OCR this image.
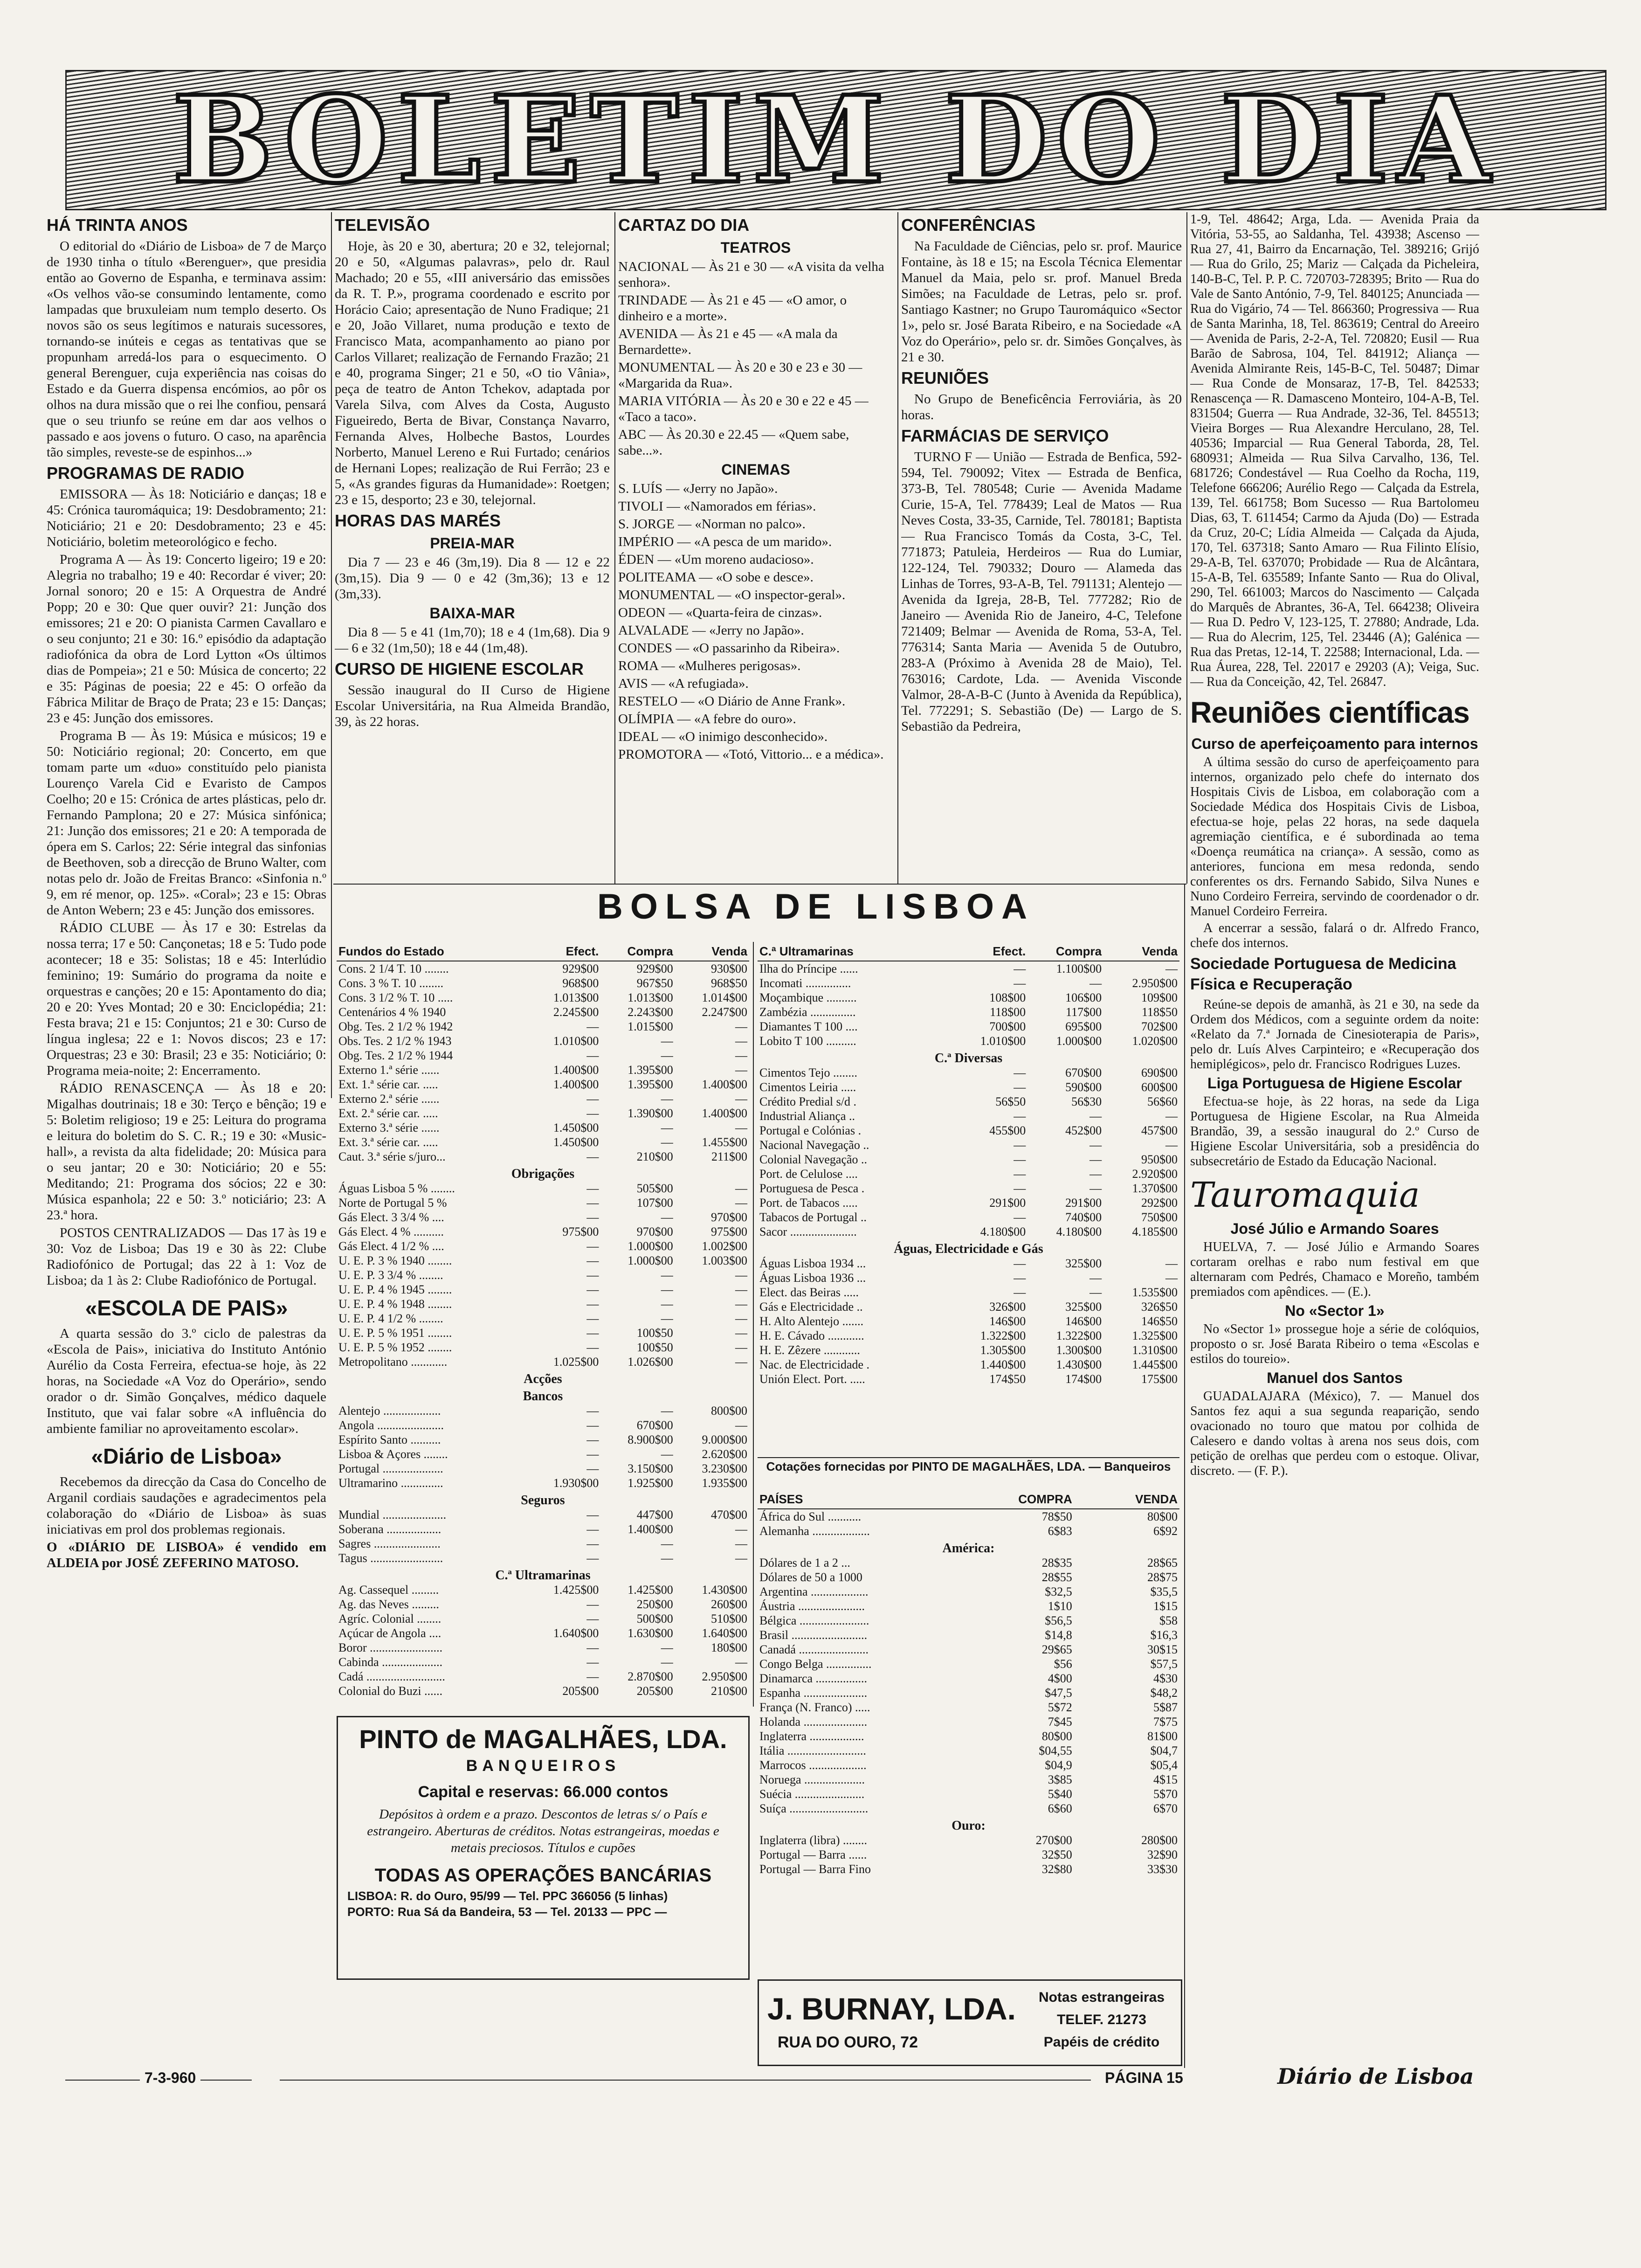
BOLETIM DO DIA
HÁ TRINTA ANOS

O editorial do «Diário de Lisboa» de 7 de Março de 1930 tinha o título «Berenguer», que presidia então ao Governo de Espanha, e terminava assim: «Os velhos vão-se consumindo lentamente, como lampadas que bruxuleiam num templo deserto. Os novos são os seus legítimos e naturais sucessores, tornando-se inúteis e cegas as tentativas que se propunham arredá-los para o esquecimento. O general Berenguer, cuja experiência nas coisas do Estado e da Guerra dispensa encómios, ao pôr os olhos na dura missão que o rei lhe confiou, pensará que o seu triunfo se reúne em dar aos velhos o passado e aos jovens o futuro. O caso, na aparência tão simples, reveste-se de espinhos...»

PROGRAMAS DE RADIO

EMISSORA — Às 18: Noticiário e danças; 18 e 45: Crónica tauromáquica; 19: Desdobramento; 21: Noticiário; 21 e 20: Desdobramento; 23 e 45: Noticiário, boletim meteorológico e fecho.

Programa A — Às 19: Concerto ligeiro; 19 e 20: Alegria no trabalho; 19 e 40: Recordar é viver; 20: Jornal sonoro; 20 e 15: A Orquestra de André Popp; 20 e 30: Que quer ouvir? 21: Junção dos emissores; 21 e 20: O pianista Carmen Cavallaro e o seu conjunto; 21 e 30: 16.º episódio da adaptação radiofónica da obra de Lord Lytton «Os últimos dias de Pompeia»; 21 e 50: Música de concerto; 22 e 35: Páginas de poesia; 22 e 45: O orfeão da Fábrica Militar de Braço de Prata; 23 e 15: Danças; 23 e 45: Junção dos emissores.

Programa B — Às 19: Música e músicos; 19 e 50: Noticiário regional; 20: Concerto, em que tomam parte um «duo» constituído pelo pianista Lourenço Varela Cid e Evaristo de Campos Coelho; 20 e 15: Crónica de artes plásticas, pelo dr. Fernando Pamplona; 20 e 27: Música sinfónica; 21: Junção dos emissores; 21 e 20: A temporada de ópera em S. Carlos; 22: Série integral das sinfonias de Beethoven, sob a direcção de Bruno Walter, com notas pelo dr. João de Freitas Branco: «Sinfonia n.º 9, em ré menor, op. 125». «Coral»; 23 e 15: Obras de Anton Webern; 23 e 45: Junção dos emissores.

RÁDIO CLUBE — Às 17 e 30: Estrelas da nossa terra; 17 e 50: Cançonetas; 18 e 5: Tudo pode acontecer; 18 e 35: Solistas; 18 e 45: Interlúdio feminino; 19: Sumário do programa da noite e orquestras e canções; 20 e 15: Apontamento do dia; 20 e 20: Yves Montad; 20 e 30: Enciclopédia; 21: Festa brava; 21 e 15: Conjuntos; 21 e 30: Curso de língua inglesa; 22 e 1: Novos discos; 23 e 17: Orquestras; 23 e 30: Brasil; 23 e 35: Noticiário; 0: Programa meia-noite; 2: Encerramento.

RÁDIO RENASCENÇA — Às 18 e 20: Migalhas doutrinais; 18 e 30: Terço e bênção; 19 e 5: Boletim religioso; 19 e 25: Leitura do programa e leitura do boletim do S. C. R.; 19 e 30: «Music-hall», a revista da alta fidelidade; 20: Música para o seu jantar; 20 e 30: Noticiário; 20 e 55: Meditando; 21: Programa dos sócios; 22 e 30: Música espanhola; 22 e 50: 3.º noticiário; 23: A 23.ª hora.

POSTOS CENTRALIZADOS — Das 17 às 19 e 30: Voz de Lisboa; Das 19 e 30 às 22: Clube Radiofónico de Portugal; das 22 à 1: Voz de Lisboa; da 1 às 2: Clube Radiofónico de Portugal.

«ESCOLA DE PAIS»

A quarta sessão do 3.º ciclo de palestras da «Escola de Pais», iniciativa do Instituto António Aurélio da Costa Ferreira, efectua-se hoje, às 22 horas, na Sociedade «A Voz do Operário», sendo orador o dr. Simão Gonçalves, médico daquele Instituto, que vai falar sobre «A influência do ambiente familiar no aproveitamento escolar».

«Diário de Lisboa»

Recebemos da direcção da Casa do Concelho de Arganil cordiais saudações e agradecimentos pela colaboração do «Diário de Lisboa» às suas iniciativas em prol dos problemas regionais.

O «DIÁRIO DE LISBOA» é vendido em ALDEIA por JOSÉ ZEFERINO MATOSO.

TELEVISÃO

Hoje, às 20 e 30, abertura; 20 e 32, telejornal; 20 e 50, «Algumas palavras», pelo dr. Raul Machado; 20 e 55, «III aniversário das emissões da R. T. P.», programa coordenado e escrito por Horácio Caio; apresentação de Nuno Fradique; 21 e 20, João Villaret, numa produção e texto de Francisco Mata, acompanhamento ao piano por Carlos Villaret; realização de Fernando Frazão; 21 e 40, programa Singer; 21 e 50, «O tio Vânia», peça de teatro de Anton Tchekov, adaptada por Varela Silva, com Alves da Costa, Augusto Figueiredo, Berta de Bivar, Constança Navarro, Fernanda Alves, Holbeche Bastos, Lourdes Norberto, Manuel Lereno e Rui Furtado; cenários de Hernani Lopes; realização de Rui Ferrão; 23 e 5, «As grandes figuras da Humanidade»: Roetgen; 23 e 15, desporto; 23 e 30, telejornal.

HORAS DAS MARÉS
PREIA-MAR

Dia 7 — 23 e 46 (3m,19). Dia 8 — 12 e 22 (3m,15). Dia 9 — 0 e 42 (3m,36); 13 e 12 (3m,33).

BAIXA-MAR

Dia 8 — 5 e 41 (1m,70); 18 e 4 (1m,68). Dia 9 — 6 e 32 (1m,50); 18 e 44 (1m,48).

CURSO DE HIGIENE ESCOLAR

Sessão inaugural do II Curso de Higiene Escolar Universitária, na Rua Almeida Brandão, 39, às 22 horas.

CARTAZ DO DIA
TEATROS

NACIONAL — Às 21 e 30 — «A visita da velha senhora».

TRINDADE — Às 21 e 45 — «O amor, o dinheiro e a morte».

AVENIDA — Às 21 e 45 — «A mala da Bernardette».

MONUMENTAL — Às 20 e 30 e 23 e 30 — «Margarida da Rua».

MARIA VITÓRIA — Às 20 e 30 e 22 e 45 — «Taco a taco».

ABC — Às 20.30 e 22.45 — «Quem sabe, sabe...».

CINEMAS

S. LUÍS — «Jerry no Japão».

TIVOLI — «Namorados em férias».

S. JORGE — «Norman no palco».

IMPÉRIO — «A pesca de um marido».

ÉDEN — «Um moreno audacioso».

POLITEAMA — «O sobe e desce».

MONUMENTAL — «O inspector-geral».

ODEON — «Quarta-feira de cinzas».

ALVALADE — «Jerry no Japão».

CONDES — «O passarinho da Ribeira».

ROMA — «Mulheres perigosas».

AVIS — «A refugiada».

RESTELO — «O Diário de Anne Frank».

OLÍMPIA — «A febre do ouro».

IDEAL — «O inimigo desconhecido».

PROMOTORA — «Totó, Vittorio... e a médica».

CONFERÊNCIAS

Na Faculdade de Ciências, pelo sr. prof. Maurice Fontaine, às 18 e 15; na Escola Técnica Elementar Manuel da Maia, pelo sr. prof. Manuel Breda Simões; na Faculdade de Letras, pelo sr. prof. Santiago Kastner; no Grupo Tauromáquico «Sector 1», pelo sr. José Barata Ribeiro, e na Sociedade «A Voz do Operário», pelo sr. dr. Simões Gonçalves, às 21 e 30.

REUNIÕES

No Grupo de Beneficência Ferroviária, às 20 horas.

FARMÁCIAS DE SERVIÇO

TURNO F — União — Estrada de Benfica, 592-594, Tel. 790092; Vitex — Estrada de Benfica, 373-B, Tel. 780548; Curie — Avenida Madame Curie, 15-A, Tel. 778439; Leal de Matos — Rua Neves Costa, 33-35, Carnide, Tel. 780181; Baptista — Rua Francisco Tomás da Costa, 3-C, Tel. 771873; Patuleia, Herdeiros — Rua do Lumiar, 122-124, Tel. 790332; Douro — Alameda das Linhas de Torres, 93-A-B, Tel. 791131; Alentejo — Avenida da Igreja, 28-B, Tel. 777282; Rio de Janeiro — Avenida Rio de Janeiro, 4-C, Telefone 721409; Belmar — Avenida de Roma, 53-A, Tel. 776314; Santa Maria — Avenida 5 de Outubro, 283-A (Próximo à Avenida 28 de Maio), Tel. 763016; Cardote, Lda. — Avenida Visconde Valmor, 28-A-B-C (Junto à Avenida da República), Tel. 772291; S. Sebastião (De) — Largo de S. Sebastião da Pedreira,

1-9, Tel. 48642; Arga, Lda. — Avenida Praia da Vitória, 53-55, ao Saldanha, Tel. 43938; Ascenso — Rua 27, 41, Bairro da Encarnação, Tel. 389216; Grijó — Rua do Grilo, 25; Mariz — Calçada da Picheleira, 140-B-C, Tel. P. P. C. 720703-728395; Brito — Rua do Vale de Santo António, 7-9, Tel. 840125; Anunciada — Rua do Vigário, 74 — Tel. 866360; Progressiva — Rua de Santa Marinha, 18, Tel. 863619; Central do Areeiro — Avenida de Paris, 2-2-A, Tel. 720820; Eusil — Rua Barão de Sabrosa, 104, Tel. 841912; Aliança — Avenida Almirante Reis, 145-B-C, Tel. 50487; Dimar — Rua Conde de Monsaraz, 17-B, Tel. 842533; Renascença — R. Damasceno Monteiro, 104-A-B, Tel. 831504; Guerra — Rua Andrade, 32-36, Tel. 845513; Vieira Borges — Rua Alexandre Herculano, 28, Tel. 40536; Imparcial — Rua General Taborda, 28, Tel. 680931; Almeida — Rua Silva Carvalho, 136, Tel. 681726; Condestável — Rua Coelho da Rocha, 119, Telefone 666206; Aurélio Rego — Calçada da Estrela, 139, Tel. 661758; Bom Sucesso — Rua Bartolomeu Dias, 63, T. 611454; Carmo da Ajuda (Do) — Estrada da Cruz, 20-C; Lídia Almeida — Calçada da Ajuda, 170, Tel. 637318; Santo Amaro — Rua Filinto Elísio, 29-A-B, Tel. 637070; Probidade — Rua de Alcântara, 15-A-B, Tel. 635589; Infante Santo — Rua do Olival, 290, Tel. 661003; Marcos do Nascimento — Calçada do Marquês de Abrantes, 36-A, Tel. 664238; Oliveira — Rua D. Pedro V, 123-125, T. 27880; Andrade, Lda. — Rua do Alecrim, 125, Tel. 23446 (A); Galénica — Rua das Pretas, 12-14, T. 22588; Internacional, Lda. — Rua Áurea, 228, Tel. 22017 e 29203 (A); Veiga, Suc. — Rua da Conceição, 42, Tel. 26847.

Reuniões científicas
Curso de aperfeiçoamento para internos

A última sessão do curso de aperfeiçoamento para internos, organizado pelo chefe do internato dos Hospitais Civis de Lisboa, em colaboração com a Sociedade Médica dos Hospitais Civis de Lisboa, efectua-se hoje, pelas 22 horas, na sede daquela agremiação científica, e é subordinada ao tema «Doença reumática na criança». A sessão, como as anteriores, funciona em mesa redonda, sendo conferentes os drs. Fernando Sabido, Silva Nunes e Nuno Cordeiro Ferreira, servindo de coordenador o dr. Manuel Cordeiro Ferreira.

A encerrar a sessão, falará o dr. Alfredo Franco, chefe dos internos.

Sociedade Portuguesa de Medicina Física e Recuperação

Reúne-se depois de amanhã, às 21 e 30, na sede da Ordem dos Médicos, com a seguinte ordem da noite: «Relato da 7.ª Jornada de Cinesioterapia de Paris», pelo dr. Luís Alves Carpinteiro; e «Recuperação dos hemiplégicos», pelo dr. Francisco Rodrigues Luzes.

Liga Portuguesa de Higiene Escolar

Efectua-se hoje, às 22 horas, na sede da Liga Portuguesa de Higiene Escolar, na Rua Almeida Brandão, 39, a sessão inaugural do 2.º Curso de Higiene Escolar Universitária, sob a presidência do subsecretário de Estado da Educação Nacional.

Tauromaquia
José Júlio e Armando Soares

HUELVA, 7. — José Júlio e Armando Soares cortaram orelhas e rabo num festival em que alternaram com Pedrés, Chamaco e Moreño, também premiados com apêndices. — (E.).

No «Sector 1»

No «Sector 1» prossegue hoje a série de colóquios, proposto o sr. José Barata Ribeiro o tema «Escolas e estilos do toureio».

Manuel dos Santos

GUADALAJARA (México), 7. — Manuel dos Santos fez aqui a sua segunda reaparição, sendo ovacionado no touro que matou por colhida de Calesero e dando voltas à arena nos seus dois, com petição de orelhas que perdeu com o estoque. Olivar, discreto. — (F. P.).

BOLSA DE LISBOA
Fundos do Estado	Efect.	Compra	Venda
Cons. 2 1/4 T. 10 ........	929$00	929$00	930$00
Cons. 3 % T. 10 ........	968$00	967$50	968$50
Cons. 3 1/2 % T. 10 .....	1.013$00	1.013$00	1.014$00
Centenários 4 % 1940	2.245$00	2.243$00	2.247$00
Obg. Tes. 2 1/2 % 1942	—	1.015$00	—
Obs. Tes. 2 1/2 % 1943	1.010$00	—	—
Obg. Tes. 2 1/2 % 1944	—	—	—
Externo 1.ª série ......	1.400$00	1.395$00	—
Ext. 1.ª série car. .....	1.400$00	1.395$00	1.400$00
Externo 2.ª série ......	—	—	—
Ext. 2.ª série car. .....	—	1.390$00	1.400$00
Externo 3.ª série ......	1.450$00	—	—
Ext. 3.ª série car. .....	1.450$00	—	1.455$00
Caut. 3.ª série s/juro...	—	210$00	211$00
Obrigações			
Águas Lisboa 5 % ........	—	505$00	—
Norte de Portugal 5 %	—	107$00	—
Gás Elect. 3 3/4 % ....	—	—	970$00
Gás Elect. 4 % ..........	975$00	970$00	975$00
Gás Elect. 4 1/2 % ....	—	1.000$00	1.002$00
U. E. P. 3 % 1940 ........	—	1.000$00	1.003$00
U. E. P. 3 3/4 % ........	—	—	—
U. E. P. 4 % 1945 ........	—	—	—
U. E. P. 4 % 1948 ........	—	—	—
U. E. P. 4 1/2 % ........	—	—	—
U. E. P. 5 % 1951 ........	—	100$50	—
U. E. P. 5 % 1952 ........	—	100$50	—
Metropolitano ............	1.025$00	1.026$00	—
Acções			
Bancos			
Alentejo ...................	—	—	800$00
Angola ......................	—	670$00	—
Espírito Santo ..........	—	8.900$00	9.000$00
Lisboa & Açores ........	—	—	2.620$00
Portugal ....................	—	3.150$00	3.230$00
Ultramarino ..............	1.930$00	1.925$00	1.935$00
Seguros			
Mundial .....................	—	447$00	470$00
Soberana ..................	—	1.400$00	—
Sagres ......................	—	—	—
Tagus ........................	—	—	—
C.ª Ultramarinas			
Ag. Cassequel .........	1.425$00	1.425$00	1.430$00
Ag. das Neves .........	—	250$00	260$00
Agríc. Colonial ........	—	500$00	510$00
Açúcar de Angola ....	1.640$00	1.630$00	1.640$00
Boror ........................	—	—	180$00
Cabinda ....................	—	—	—
Cadá ..........................	—	2.870$00	2.950$00
Colonial do Buzi ......	205$00	205$00	210$00
C.ª Ultramarinas	Efect.	Compra	Venda
Ilha do Príncipe ......	—	1.100$00	—
Incomati ...............	—	—	2.950$00
Moçambique ..........	108$00	106$00	109$00
Zambézia ...............	118$00	117$00	118$50
Diamantes T 100 ....	700$00	695$00	702$00
Lobito T 100 ..........	1.010$00	1.000$00	1.020$00
C.ª Diversas			
Cimentos Tejo ........	—	670$00	690$00
Cimentos Leiria .....	—	590$00	600$00
Crédito Predial s/d .	56$50	56$30	56$60
Industrial Aliança ..	—	—	—
Portugal e Colónias .	455$00	452$00	457$00
Nacional Navegação ..	—	—	—
Colonial Navegação ..	—	—	950$00
Port. de Celulose ....	—	—	2.920$00
Portuguesa de Pesca .	—	—	1.370$00
Port. de Tabacos .....	291$00	291$00	292$00
Tabacos de Portugal ..	—	740$00	750$00
Sacor ......................	4.180$00	4.180$00	4.185$00
Águas, Electricidade e Gás			
Águas Lisboa 1934 ...	—	325$00	—
Águas Lisboa 1936 ...	—	—	—
Elect. das Beiras .....	—	—	1.535$00
Gás e Electricidade ..	326$00	325$00	326$50
H. Alto Alentejo .......	146$00	146$00	146$50
H. E. Cávado ............	1.322$00	1.322$00	1.325$00
H. E. Zêzere ............	1.305$00	1.300$00	1.310$00
Nac. de Electricidade .	1.440$00	1.430$00	1.445$00
Unión Elect. Port. .....	174$50	174$00	175$00
Cotações fornecidas por PINTO DE MAGALHÃES, LDA. — Banqueiros
PAÍSES	COMPRA	VENDA
África do Sul ...........	78$50	80$00
Alemanha ...................	6$83	6$92
América:		
Dólares de 1 a 2 ...	28$35	28$65
Dólares de 50 a 1000	28$55	28$75
Argentina ...................	$32,5	$35,5
Áustria ......................	1$10	1$15
Bélgica .......................	$56,5	$58
Brasil .........................	$14,8	$16,3
Canadá .......................	29$65	30$15
Congo Belga ...............	$56	$57,5
Dinamarca .................	4$00	4$30
Espanha .....................	$47,5	$48,2
França (N. Franco) .....	5$72	5$87
Holanda .....................	7$45	7$75
Inglaterra ..................	80$00	81$00
Itália ..........................	$04,55	$04,7
Marrocos ...................	$04,9	$05,4
Noruega ....................	3$85	4$15
Suécia .......................	5$40	5$70
Suíça ..........................	6$60	6$70
Ouro:		
Inglaterra (libra) ........	270$00	280$00
Portugal — Barra ......	32$50	32$90
Portugal — Barra Fino	32$80	33$30
PINTO de MAGALHÃES, LDA.
BANQUEIROS
Capital e reservas: 66.000 contos
Depósitos à ordem e a prazo. Descontos de letras s/ o País e estrangeiro. Aberturas de créditos. Notas estrangeiras, moedas e metais preciosos. Títulos e cupões
TODAS AS OPERAÇÕES BANCÁRIAS
LISBOA: R. do Ouro, 95/99 — Tel. PPC 366056 (5 linhas)
PORTO: Rua Sá da Bandeira, 53 — Tel. 20133 — PPC —
J. BURNAY, LDA.
RUA DO OURO, 72
Notas estrangeiras
TELEF. 21273
Papéis de crédito
7-3-960	PÁGINA 15	Diário de Lisboa
